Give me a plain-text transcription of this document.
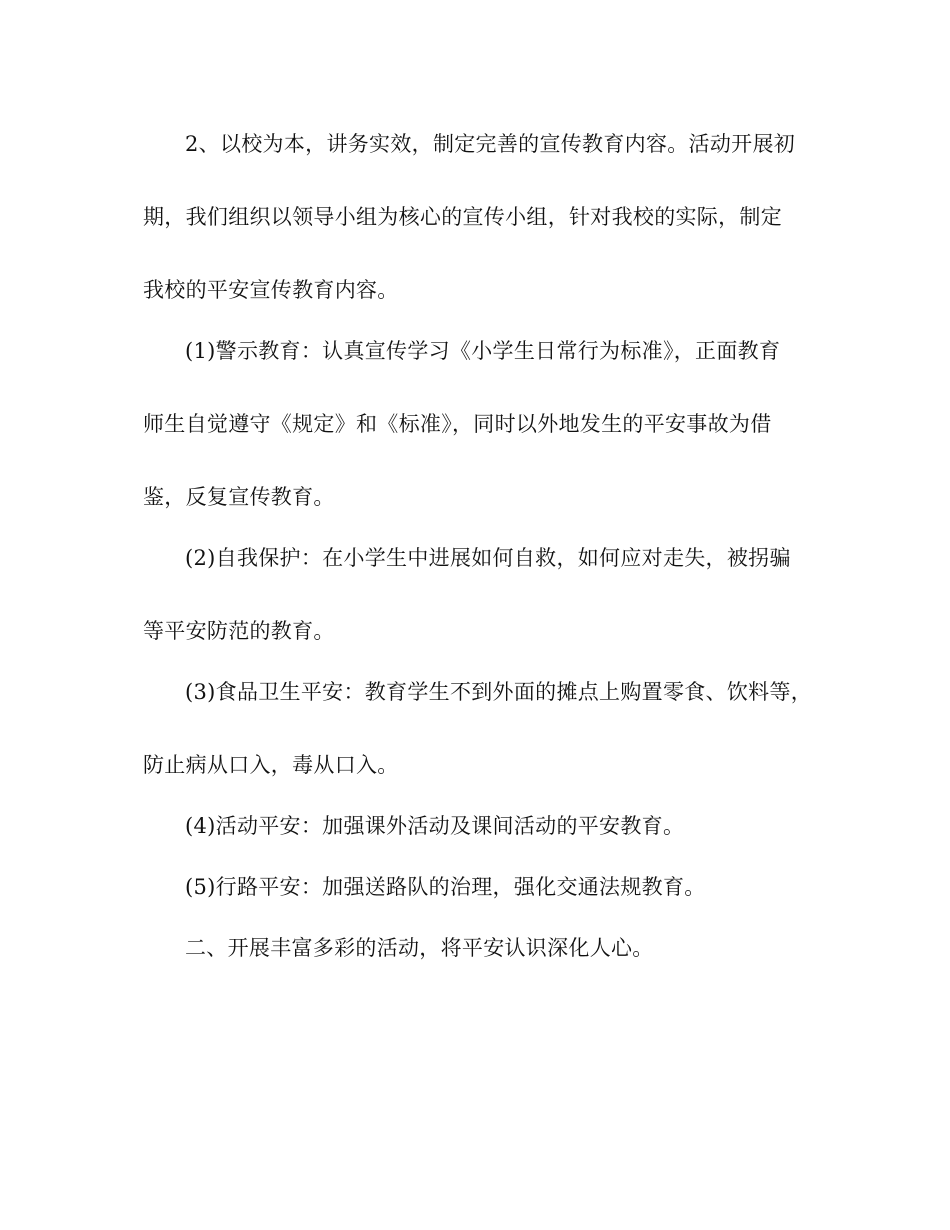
2、以校为本，讲务实效，制定完善的宣传教育内容。活动开展初
期，我们组织以领导小组为核心的宣传小组，针对我校的实际，制定
我校的平安宣传教育内容。
(1)警示教育：认真宣传学习《小学生日常行为标准》，正面教育
师生自觉遵守《规定》和《标准》，同时以外地发生的平安事故为借
鉴，反复宣传教育。
(2)自我保护：在小学生中进展如何自救，如何应对走失，被拐骗
等平安防范的教育。
(3)食品卫生平安：教育学生不到外面的摊点上购置零食、饮料等，
防止病从口入，毒从口入。
(4)活动平安：加强课外活动及课间活动的平安教育。
(5)行路平安：加强送路队的治理，强化交通法规教育。
二、开展丰富多彩的活动，将平安认识深化人心。
